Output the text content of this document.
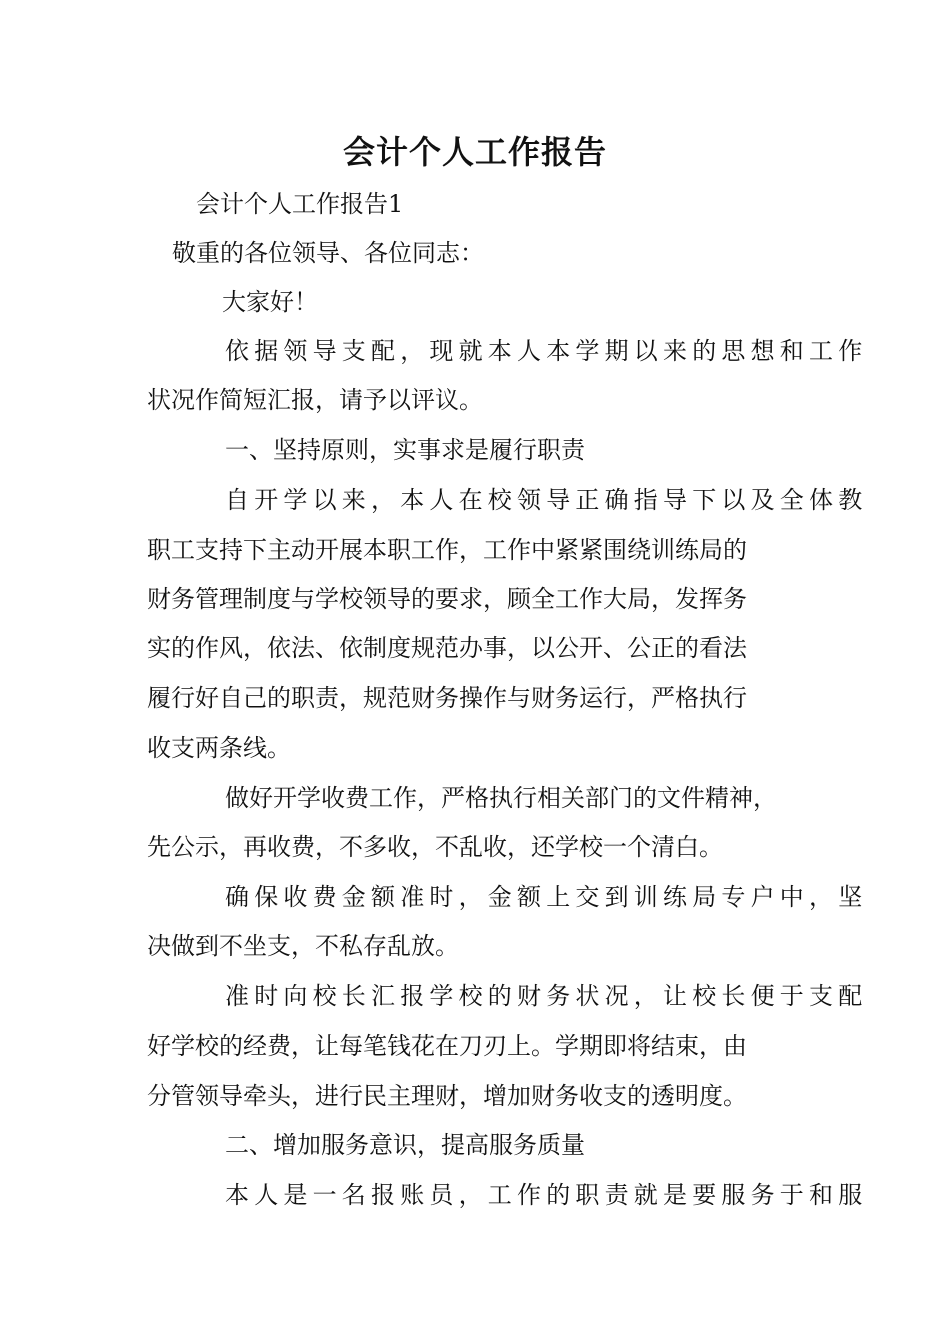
会计个人工作报告
会计个人工作报告1
敬重的各位领导、各位同志：
大家好！
依据领导支配，现就本人本学期以来的思想和工作
状况作简短汇报，请予以评议。
一、坚持原则，实事求是履行职责
自开学以来，本人在校领导正确指导下以及全体教
职工支持下主动开展本职工作，工作中紧紧围绕训练局的
财务管理制度与学校领导的要求，顾全工作大局，发挥务
实的作风，依法、依制度规范办事，以公开、公正的看法
履行好自己的职责，规范财务操作与财务运行，严格执行
收支两条线。
做好开学收费工作，严格执行相关部门的文件精神，
先公示，再收费，不多收，不乱收，还学校一个清白。
确保收费金额准时，金额上交到训练局专户中，坚
决做到不坐支，不私存乱放。
准时向校长汇报学校的财务状况，让校长便于支配
好学校的经费，让每笔钱花在刀刃上。学期即将结束，由
分管领导牵头，进行民主理财，增加财务收支的透明度。
二、增加服务意识，提高服务质量
本人是一名报账员，工作的职责就是要服务于和服
